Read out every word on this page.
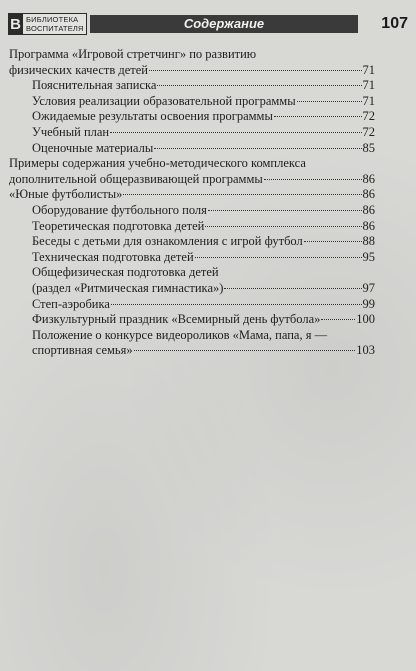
B БИБЛИОТЕКА
ВОСПИТАТЕЛЯ	Содержание	107
Программа «Игровой стретчинг» по развитию
физических качеств детей	71
Пояснительная записка	71
Условия реализации образовательной программы	71
Ожидаемые результаты освоения программы	72
Учебный план	72
Оценочные материалы	85
Примеры содержания учебно-методического комплекса
дополнительной общеразвивающей программы	86
«Юные футболисты»	86
Оборудование футбольного поля	86
Теоретическая подготовка детей	86
Беседы с детьми для ознакомления с игрой футбол	88
Техническая подготовка детей	95
Общефизическая подготовка детей
(раздел «Ритмическая гимнастика»)	97
Степ-аэробика	99
Физкультурный праздник «Всемирный день футбола»	100
Положение о конкурсе видеороликов «Мама, папа, я —
спортивная семья»	103
